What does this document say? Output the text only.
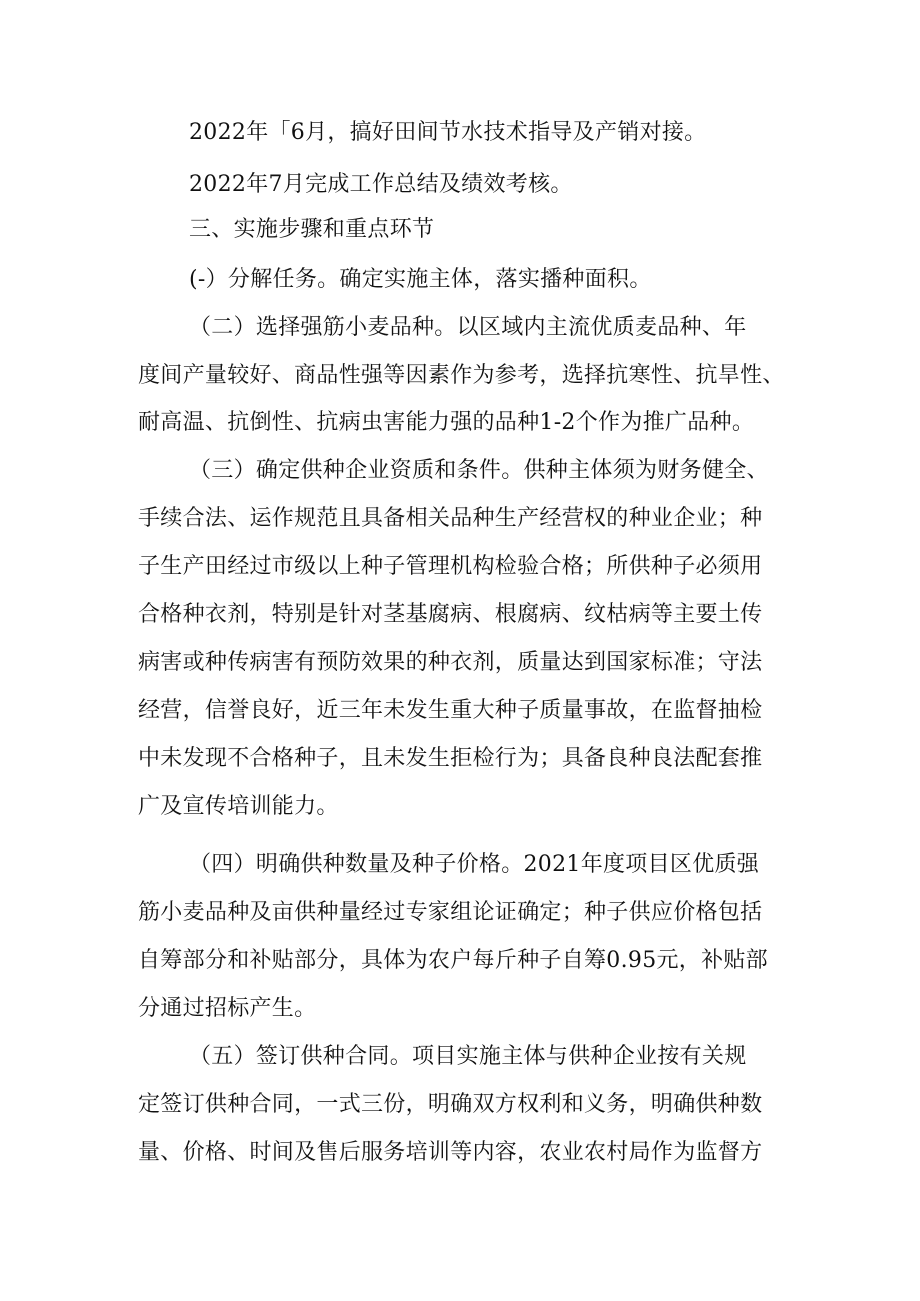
2022年「6月，搞好田间节水技术指导及产销对接。

2022年7月完成工作总结及绩效考核。

三、实施步骤和重点环节

(-）分解任务。确定实施主体，落实播种面积。

（二）选择强筋小麦品种。以区域内主流优质麦品种、年

度间产量较好、商品性强等因素作为参考，选择抗寒性、抗旱性、

耐高温、抗倒性、抗病虫害能力强的品种1-2个作为推广品种。

（三）确定供种企业资质和条件。供种主体须为财务健全、

手续合法、运作规范且具备相关品种生产经营权的种业企业；种

子生产田经过市级以上种子管理机构检验合格；所供种子必须用

合格种衣剂，特别是针对茎基腐病、根腐病、纹枯病等主要土传

病害或种传病害有预防效果的种衣剂，质量达到国家标准；守法

经营，信誉良好，近三年未发生重大种子质量事故，在监督抽检

中未发现不合格种子，且未发生拒检行为；具备良种良法配套推

广及宣传培训能力。

（四）明确供种数量及种子价格。2021年度项目区优质强

筋小麦品种及亩供种量经过专家组论证确定；种子供应价格包括

自筹部分和补贴部分，具体为农户每斤种子自筹0.95元，补贴部

分通过招标产生。

（五）签订供种合同。项目实施主体与供种企业按有关规

定签订供种合同，一式三份，明确双方权利和义务，明确供种数

量、价格、时间及售后服务培训等内容，农业农村局作为监督方
